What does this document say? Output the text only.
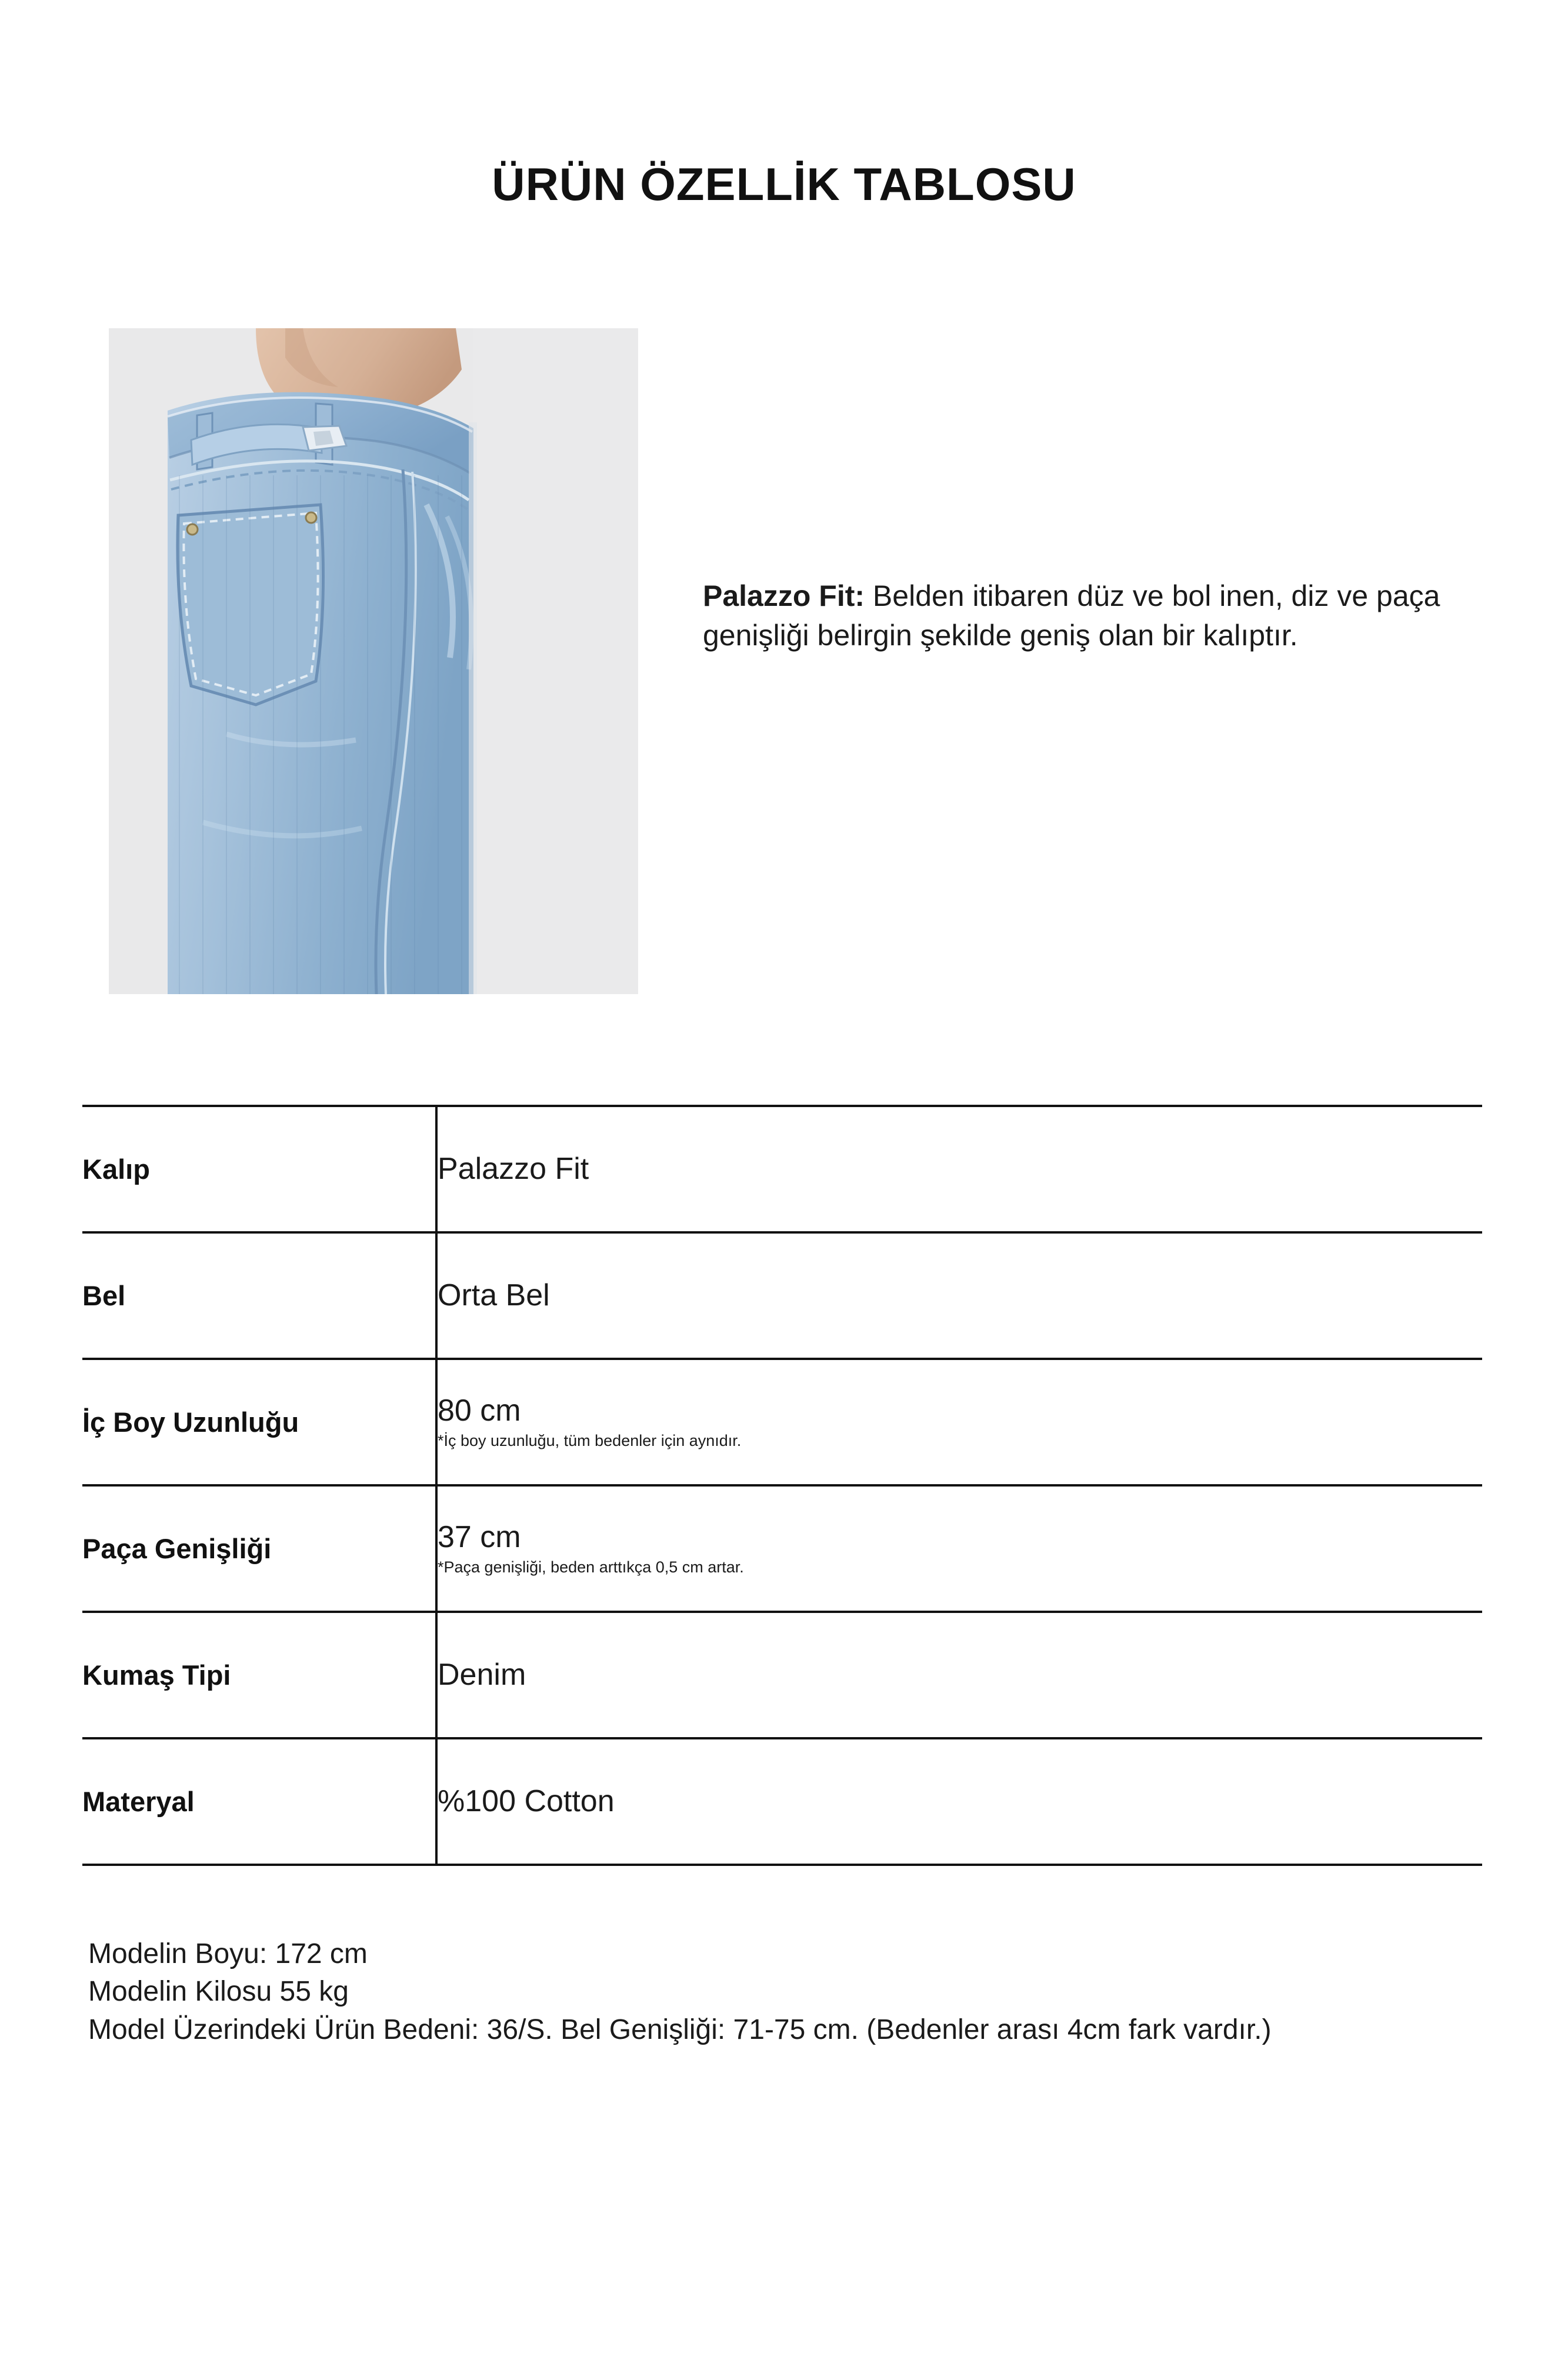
ÜRÜN ÖZELLİK TABLOSU
Palazzo Fit: Belden itibaren düz ve bol inen, diz ve paça genişliği belirgin şekilde geniş olan bir kalıptır.
Kalıp	Palazzo Fit

Bel	Orta Bel

İç Boy Uzunluğu	80 cm
*İç boy uzunluğu, tüm bedenler için aynıdır.

Paça Genişliği	37 cm
*Paça genişliği, beden arttıkça 0,5 cm artar.

Kumaş Tipi	Denim

Materyal	%100 Cotton
Modelin Boyu: 172 cm
Modelin Kilosu 55 kg
Model Üzerindeki Ürün Bedeni: 36/S. Bel Genişliği: 71-75 cm. (Bedenler arası 4cm fark vardır.)
